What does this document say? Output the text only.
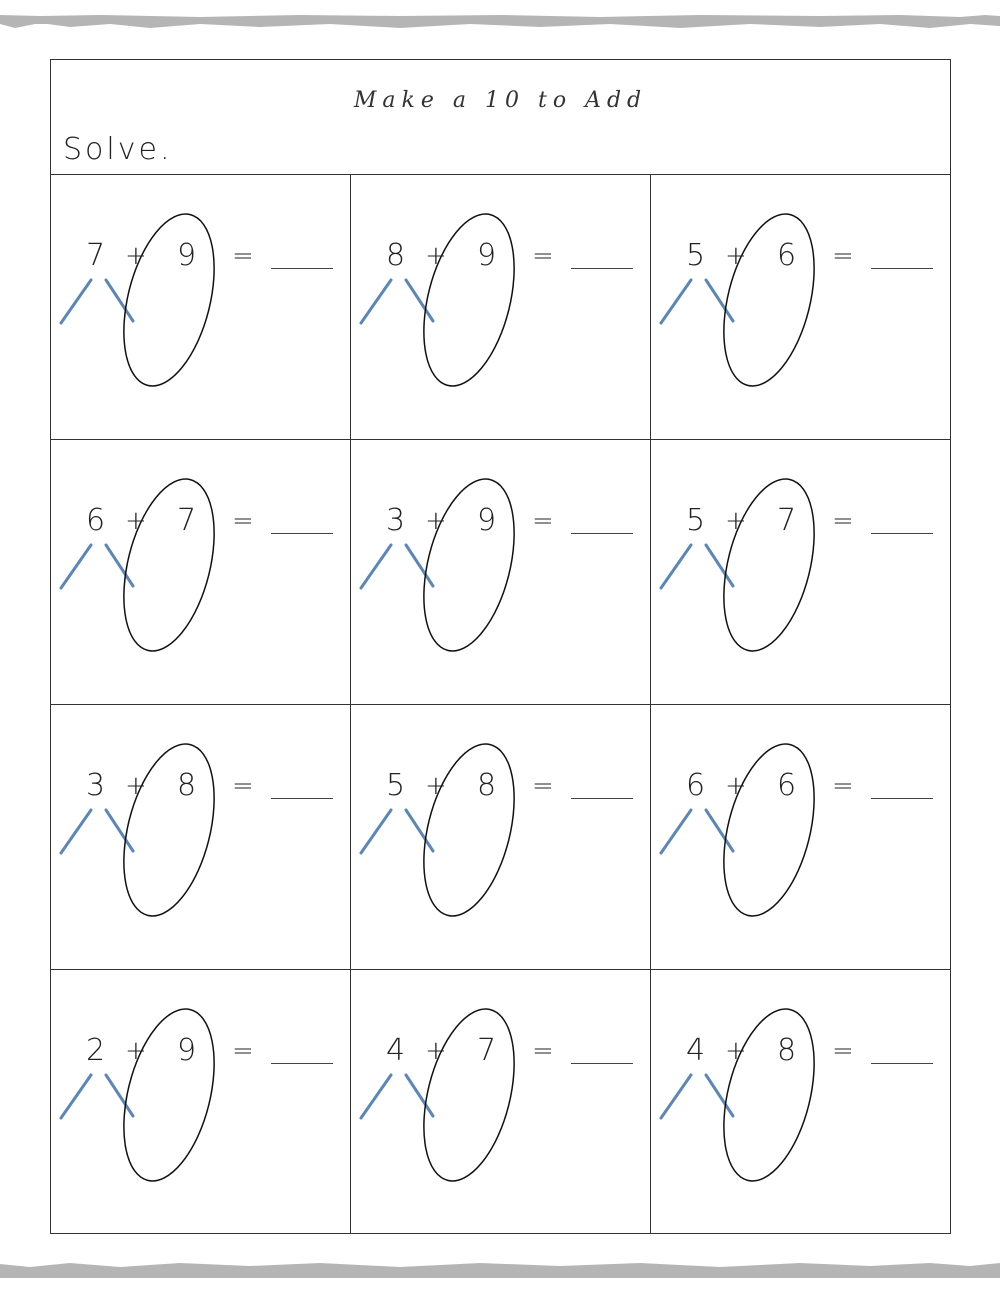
Make a 10 to Add
Solve.
7 + 9 =	8 + 9 =	5 + 6 =
6 + 7 =	3 + 9 =	5 + 7 =
3 + 8 =	5 + 8 =	6 + 6 =
2 + 9 =	4 + 7 =	4 + 8 =
